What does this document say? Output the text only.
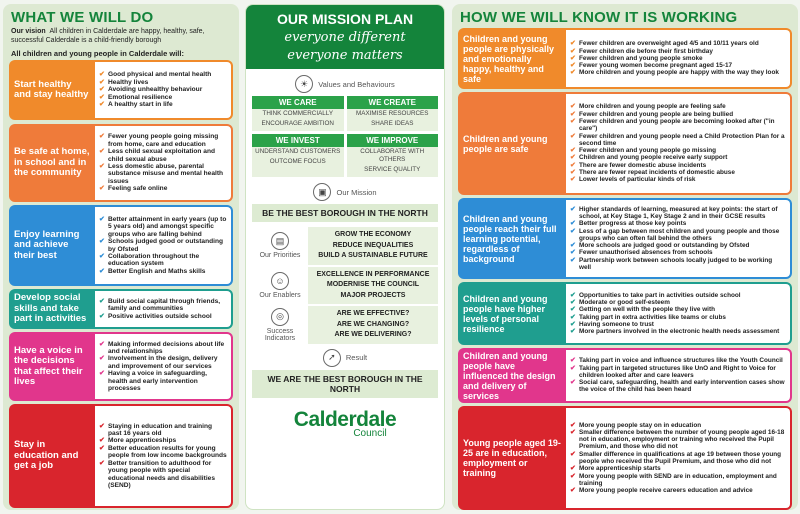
WHAT WE WILL DO
Our vision All children in Calderdale are happy, healthy, safe, successful Calderdale is a child-friendly borough
All children and young people in Calderdale will:
Start healthy and stay healthy
✔ Good physical and mental health
✔ Healthy lives
✔ Avoiding unhealthy behaviour
✔ Emotional resilience
✔ A healthy start in life
Be safe at home, in school and in the community
✔ Fewer young people going missing from home, care and education
✔ Less child sexual exploitation and child sexual abuse
✔ Less domestic abuse, parental substance misuse and mental health issues
✔ Feeling safe online
Enjoy learning and achieve their best
✔ Better attainment in early years (up to 5 years old) and amongst specific groups who are falling behind
✔ Schools judged good or outstanding by Ofsted
✔ Collaboration throughout the education system
✔ Better English and Maths skills
Develop social skills and take part in activities
✔ Build social capital through friends, family and communities
✔ Positive activities outside school
Have a voice in the decisions that affect their lives
✔ Making informed decisions about life and relationships
✔ Involvement in the design, delivery and improvement of our services
✔ Having a voice in safeguarding, health and early intervention processes
Stay in education and get a job
✔ Staying in education and training past 16 years old
✔ More apprenticeships
✔ Better education results for young people from low income backgrounds
✔ Better transition to adulthood for young people with special educational needs and disabilities (SEND)
OUR MISSION PLAN
everyone different
everyone matters
☀	Values and Behaviours
WE CARE
THINK COMMERCIALLY
ENCOURAGE AMBITION
WE CREATE
MAXIMISE RESOURCES
SHARE IDEAS
WE INVEST
UNDERSTAND CUSTOMERS
OUTCOME FOCUS
WE IMPROVE
COLLABORATE WITH OTHERS
SERVICE QUALITY
▣	Our Mission
BE THE BEST BOROUGH IN THE NORTH
▤
Our Priorities
GROW THE ECONOMY
REDUCE INEQUALITIES
BUILD A SUSTAINABLE FUTURE
☺
Our Enablers
EXCELLENCE IN PERFORMANCE
MODERNISE THE COUNCIL
MAJOR PROJECTS
◎
Success Indicators
ARE WE EFFECTIVE?
ARE WE CHANGING?
ARE WE DELIVERING?
➚	Result
WE ARE THE BEST BOROUGH IN THE NORTH
Calderdale
Council
HOW WE WILL KNOW IT IS WORKING
Children and young people are physically and emotionally happy, healthy and safe
✔ Fewer children are overweight aged 4/5 and 10/11 years old
✔ Fewer children die before their first birthday
✔ Fewer children and young people smoke
✔ Fewer young women become pregnant aged 15-17
✔ More children and young people are happy with the way they look
Children and young people are safe
✔ More children and young people are feeling safe
✔ Fewer children and young people are being bullied
✔ Fewer children and young people are becoming looked after ("in care")
✔ Fewer children and young people need a Child Protection Plan for a second time
✔ Fewer children and young people go missing
✔ Children and young people receive early support
✔ There are fewer domestic abuse incidents
✔ There are fewer repeat incidents of domestic abuse
✔ Lower levels of particular kinds of risk
Children and young people reach their full learning potential, regardless of background
✔ Higher standards of learning, measured at key points: the start of school, at Key Stage 1, Key Stage 2 and in their GCSE results
✔ Better progress at those key points
✔ Less of a gap between most children and young people and those groups who can often fall behind the others
✔ More schools are judged good or outstanding by Ofsted
✔ Fewer unauthorised absences from schools
✔ Partnership work between schools locally judged to be working well
Children and young people have higher levels of personal resilience
✔ Opportunities to take part in activities outside school
✔ Moderate or good self-esteem
✔ Getting on well with the people they live with
✔ Taking part in extra activities like teams or clubs
✔ Having someone to trust
✔ More partners involved in the electronic health needs assessment
Children and young people have influenced the design and delivery of services
✔ Taking part in voice and influence structures like the Youth Council
✔ Taking part in targeted structures like UnO and Right to Voice for children looked after and care leavers
✔ Social care, safeguarding, health and early intervention cases show the voice of the child has been heard
Young people aged 19-25 are in education, employment or training
✔ More young people stay on in education
✔ Smaller difference between the number of young people aged 16-18 not in education, employment or training who received the Pupil Premium, and those who did not
✔ Smaller difference in qualifications at age 19 between those young people who received the Pupil Premium, and those who did not
✔ More apprenticeship starts
✔ More young people with SEND are in education, employment and training
✔ More young people receive careers education and advice
